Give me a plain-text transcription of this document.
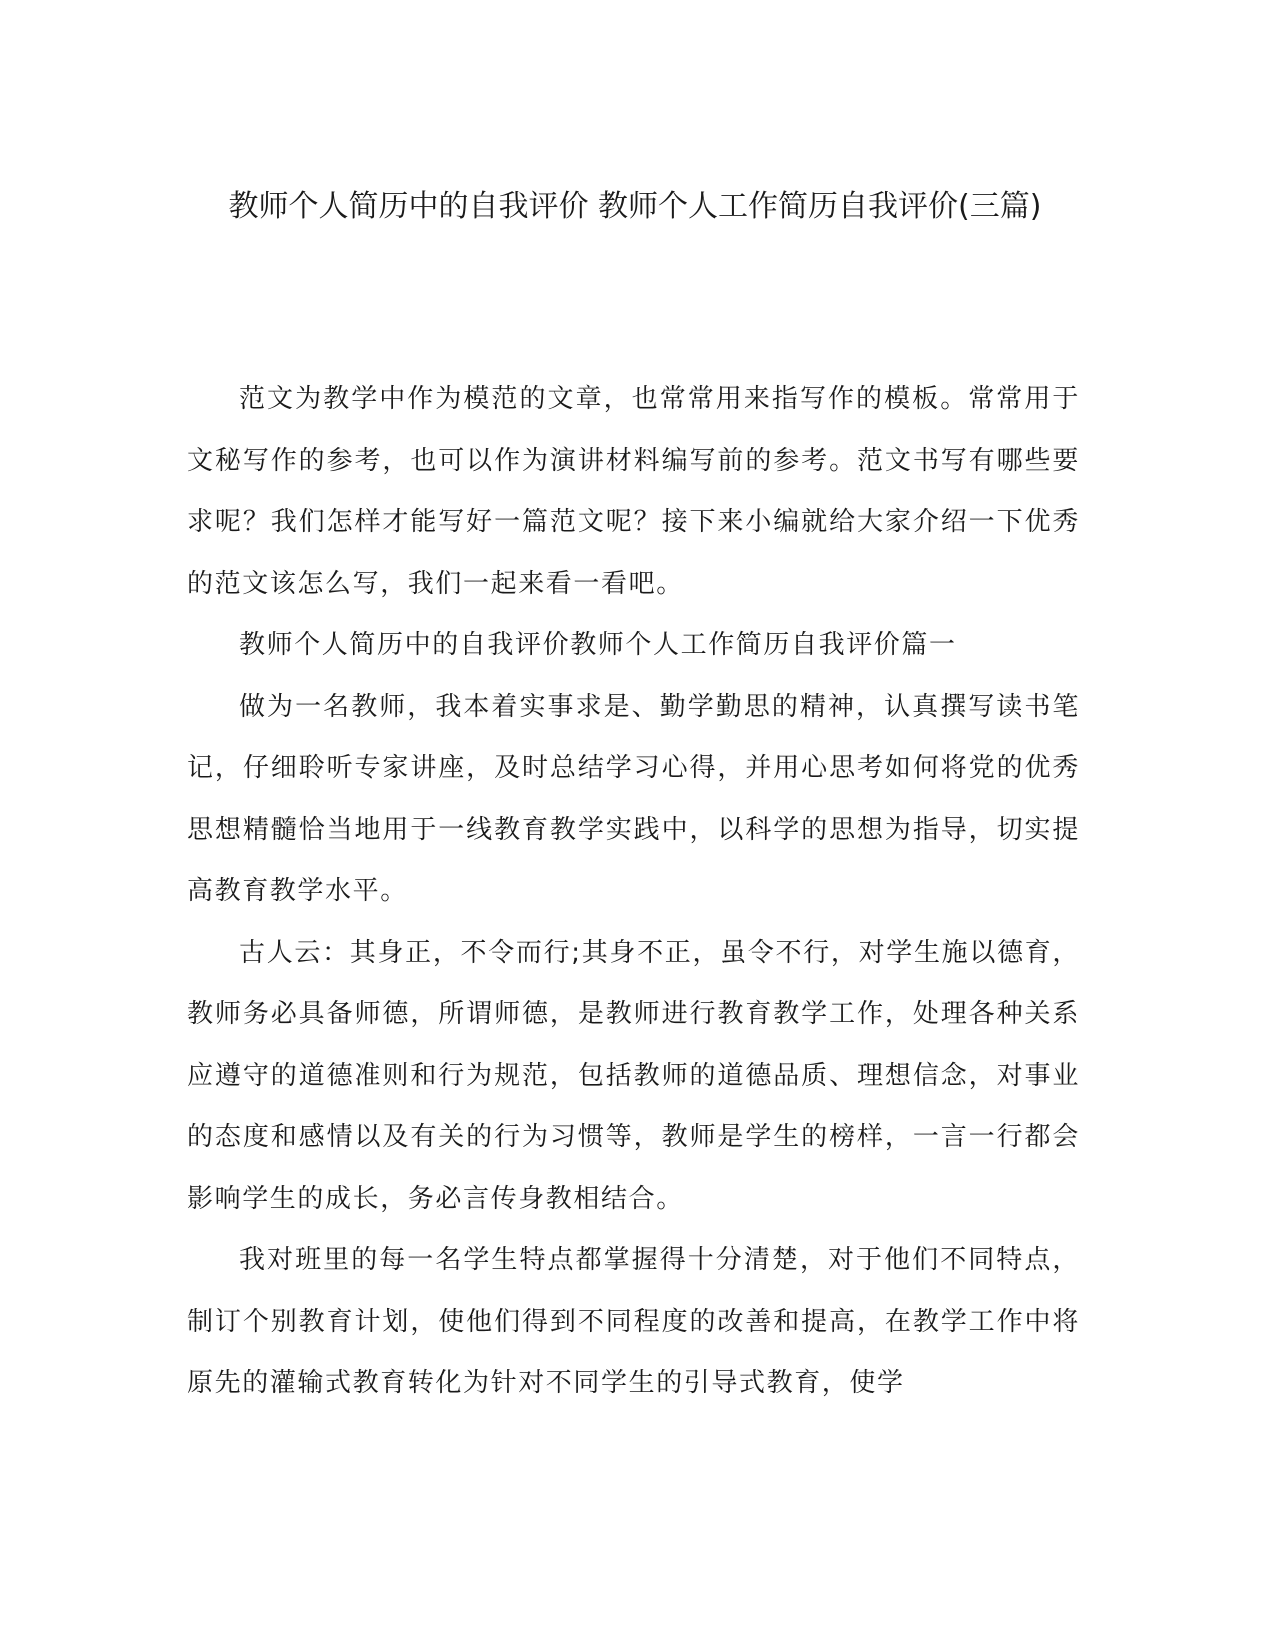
教师个人简历中的自我评价 教师个人工作简历自我评价(三篇)

范文为教学中作为模范的文章，也常常用来指写作的模板。常常用于文秘写作的参考，也可以作为演讲材料编写前的参考。范文书写有哪些要求呢？我们怎样才能写好一篇范文呢？接下来小编就给大家介绍一下优秀的范文该怎么写，我们一起来看一看吧。

教师个人简历中的自我评价教师个人工作简历自我评价篇一

做为一名教师，我本着实事求是、勤学勤思的精神，认真撰写读书笔记，仔细聆听专家讲座，及时总结学习心得，并用心思考如何将党的优秀思想精髓恰当地用于一线教育教学实践中，以科学的思想为指导，切实提高教育教学水平。

古人云：其身正，不令而行;其身不正，虽令不行，对学生施以德育，教师务必具备师德，所谓师德，是教师进行教育教学工作，处理各种关系应遵守的道德准则和行为规范，包括教师的道德品质、理想信念，对事业的态度和感情以及有关的行为习惯等，教师是学生的榜样，一言一行都会影响学生的成长，务必言传身教相结合。

我对班里的每一名学生特点都掌握得十分清楚，对于他们不同特点，制订个别教育计划，使他们得到不同程度的改善和提高，在教学工作中将原先的灌输式教育转化为针对不同学生的引导式教育，使学
